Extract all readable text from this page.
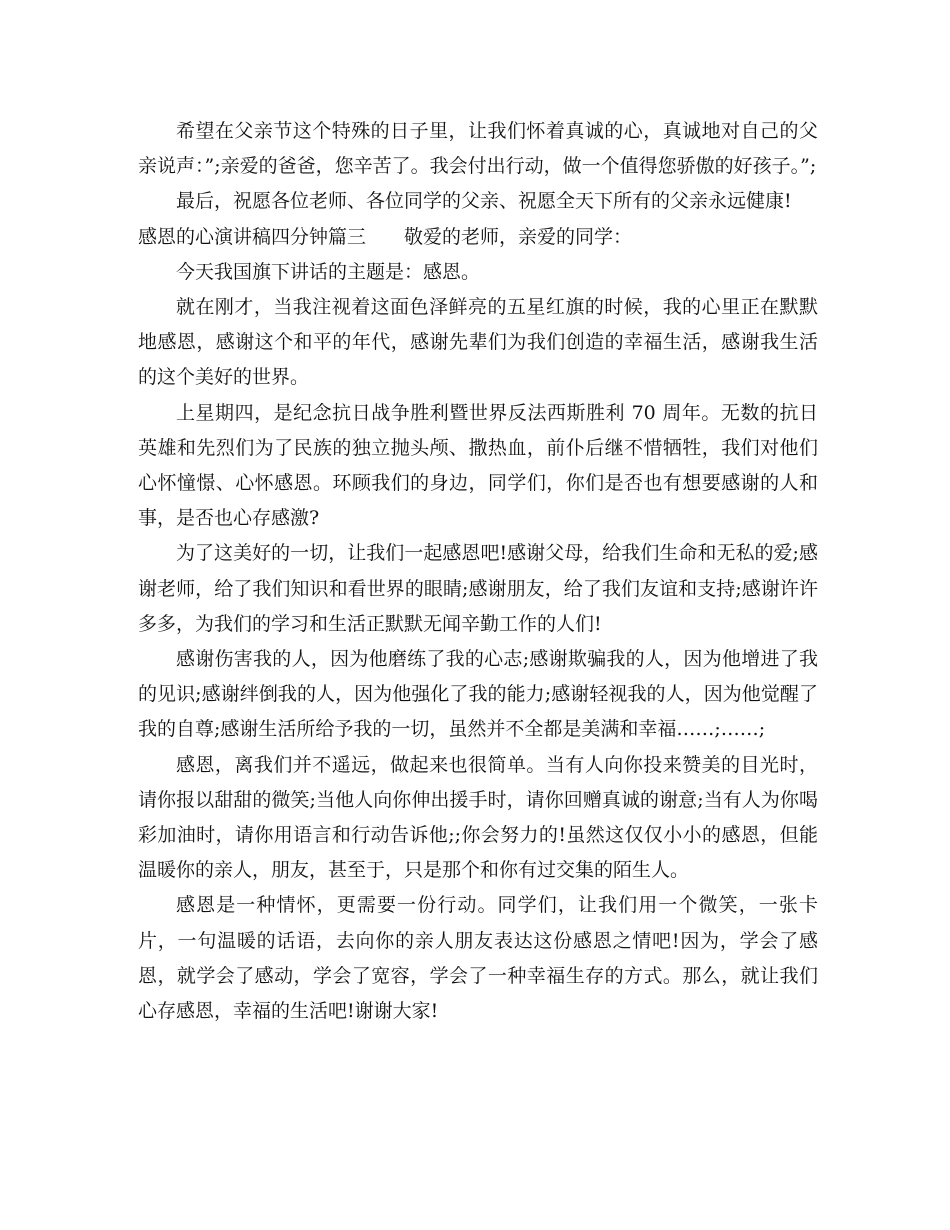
希望在父亲节这个特殊的日子里，让我们怀着真诚的心，真诚地对自己的父亲说声：”;亲爱的爸爸，您辛苦了。我会付出行动，做一个值得您骄傲的好孩子。”;

最后，祝愿各位老师、各位同学的父亲、祝愿全天下所有的父亲永远健康!

感恩的心演讲稿四分钟篇三 敬爱的老师，亲爱的同学：

今天我国旗下讲话的主题是：感恩。

就在刚才，当我注视着这面色泽鲜亮的五星红旗的时候，我的心里正在默默地感恩，感谢这个和平的年代，感谢先辈们为我们创造的幸福生活，感谢我生活的这个美好的世界。

上星期四，是纪念抗日战争胜利暨世界反法西斯胜利 70 周年。无数的抗日英雄和先烈们为了民族的独立抛头颅、撒热血，前仆后继不惜牺牲，我们对他们心怀憧憬、心怀感恩。环顾我们的身边，同学们，你们是否也有想要感谢的人和事，是否也心存感激?

为了这美好的一切，让我们一起感恩吧!感谢父母，给我们生命和无私的爱;感谢老师，给了我们知识和看世界的眼睛;感谢朋友，给了我们友谊和支持;感谢许许多多，为我们的学习和生活正默默无闻辛勤工作的人们!

感谢伤害我的人，因为他磨练了我的心志;感谢欺骗我的人，因为他增进了我的见识;感谢绊倒我的人，因为他强化了我的能力;感谢轻视我的人，因为他觉醒了我的自尊;感谢生活所给予我的一切，虽然并不全都是美满和幸福……;……;

感恩，离我们并不遥远，做起来也很简单。当有人向你投来赞美的目光时，请你报以甜甜的微笑;当他人向你伸出援手时，请你回赠真诚的谢意;当有人为你喝彩加油时，请你用语言和行动告诉他;;你会努力的!虽然这仅仅小小的感恩，但能温暖你的亲人，朋友，甚至于，只是那个和你有过交集的陌生人。

感恩是一种情怀，更需要一份行动。同学们，让我们用一个微笑，一张卡片，一句温暖的话语，去向你的亲人朋友表达这份感恩之情吧!因为，学会了感恩，就学会了感动，学会了宽容，学会了一种幸福生存的方式。那么，就让我们心存感恩，幸福的生活吧!谢谢大家!
